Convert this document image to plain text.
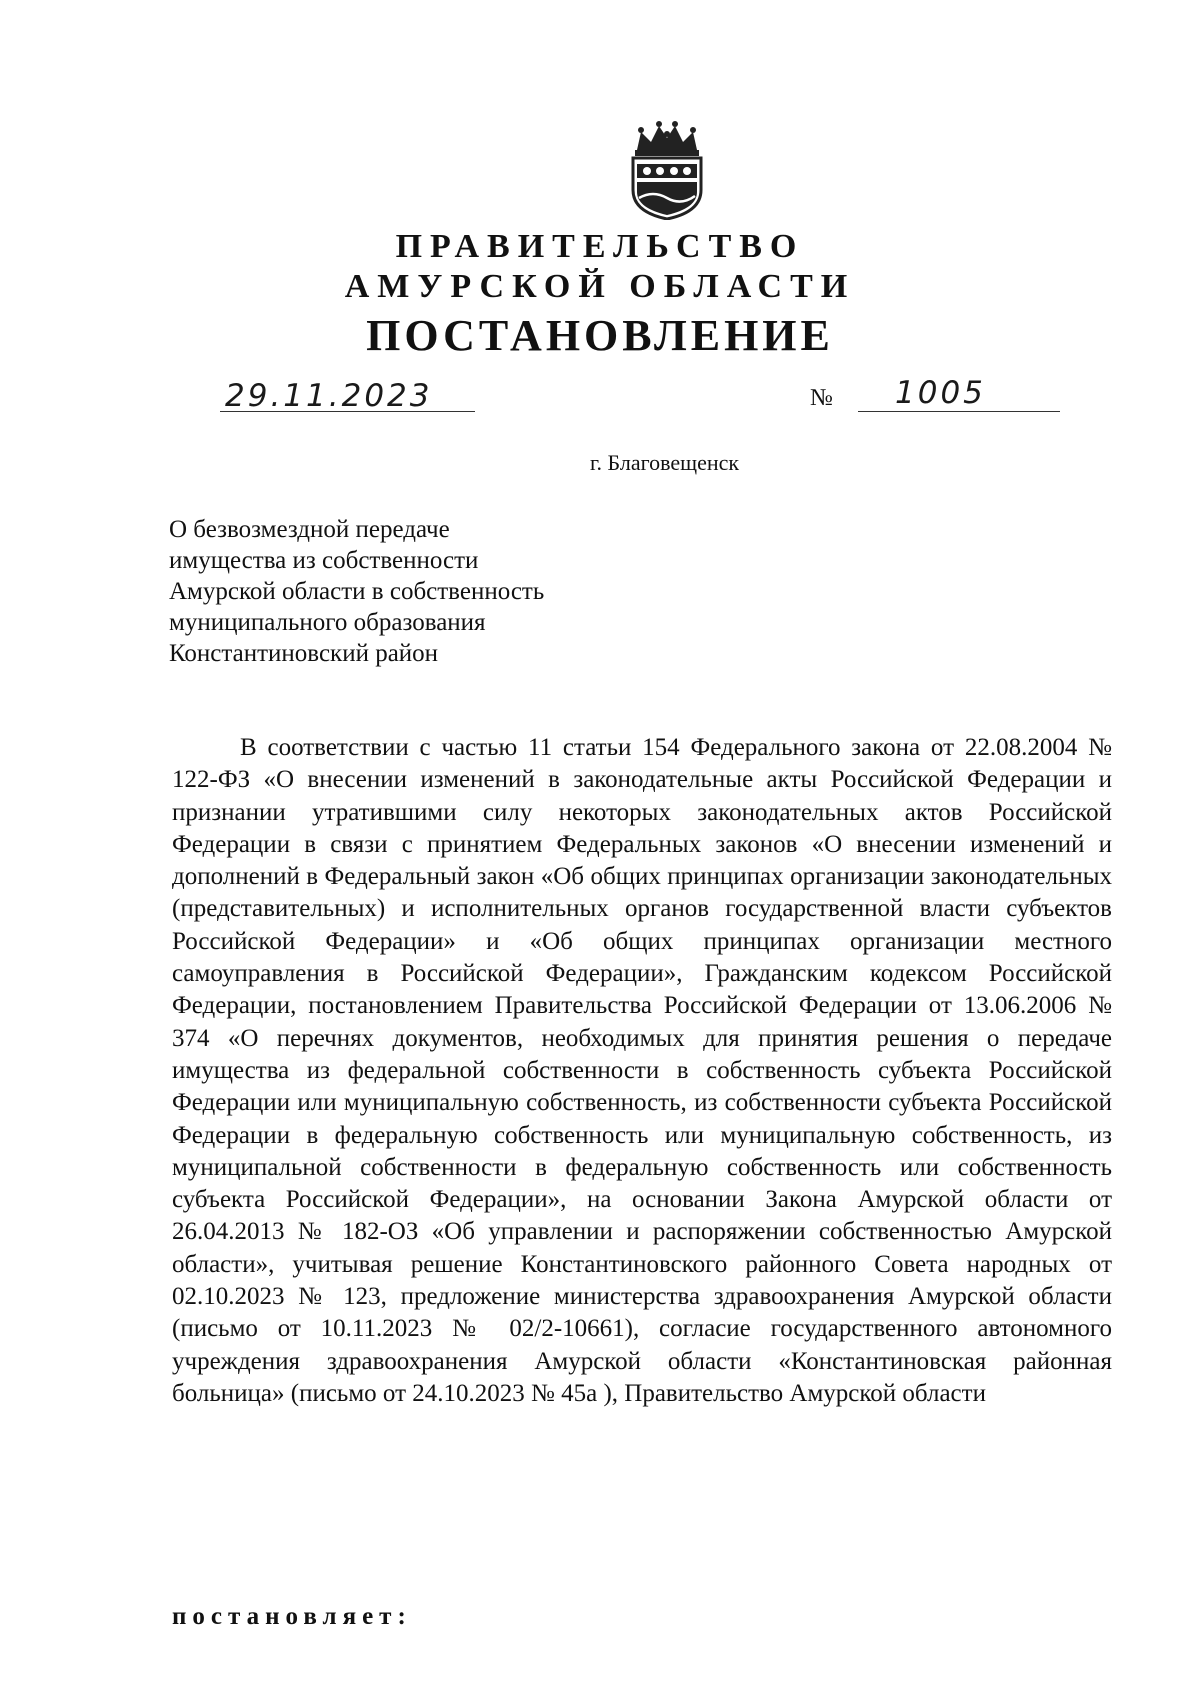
ПРАВИТЕЛЬСТВО
АМУРСКОЙ ОБЛАСТИ
ПОСТАНОВЛЕНИЕ
29.11.2023	№ 1005
г. Благовещенск
О безвозмездной передаче
имущества из собственности
Амурской области в собственность
муниципального образования
Константиновский район

В соответствии с частью 11 статьи 154 Федерального закона от 22.08.2004 № 122-ФЗ «О внесении изменений в законодательные акты Российской Федерации и признании утратившими силу некоторых законодательных актов Российской Федерации в связи с принятием Федеральных законов «О внесении изменений и дополнений в Федеральный закон «Об общих принципах организации законодательных (представительных) и исполнительных органов государственной власти субъектов Российской Федерации» и «Об общих принципах организации местного самоуправления в Российской Федерации», Гражданским кодексом Российской Федерации, постановлением Правительства Российской Федерации от 13.06.2006 № 374 «О перечнях документов, необходимых для принятия решения о передаче имущества из федеральной собственности в собственность субъекта Российской Федерации или муниципальную собственность, из собственности субъекта Российской Федерации в федеральную собственность или муниципальную собственность, из муниципальной собственности в федеральную собственность или собственность субъекта Российской Федерации», на основании Закона Амурской области от 26.04.2013 № 182-ОЗ «Об управлении и распоряжении собственностью Амурской области», учитывая решение Константиновского районного Совета народных от 02.10.2023 № 123, предложение министерства здравоохранения Амурской области (письмо от 10.11.2023 № 02/2-10661), согласие государственного автономного учреждения здравоохранения Амурской области «Константиновская районная больница» (письмо от 24.10.2023 № 45а ), Правительство Амурской области

постановляет:
